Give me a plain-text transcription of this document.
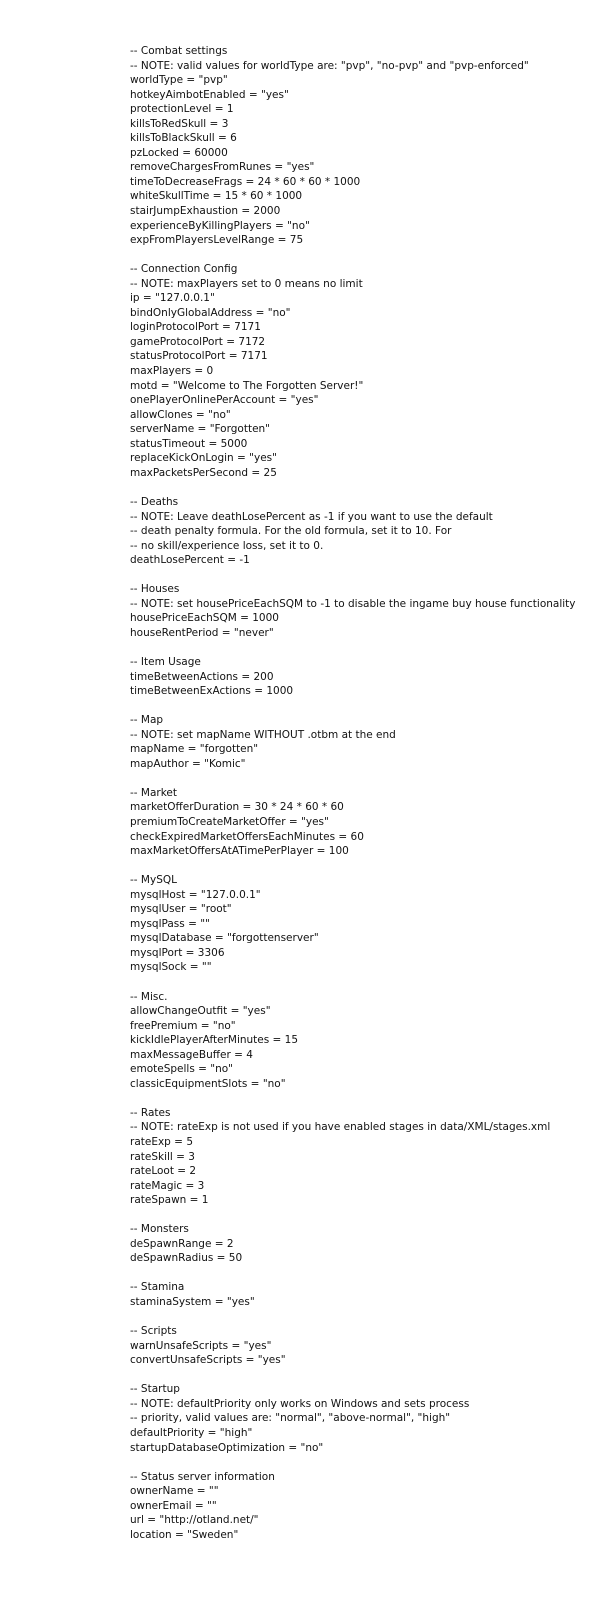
-- Combat settings
-- NOTE: valid values for worldType are: "pvp", "no-pvp" and "pvp-enforced"
worldType = "pvp"
hotkeyAimbotEnabled = "yes"
protectionLevel = 1
killsToRedSkull = 3
killsToBlackSkull = 6
pzLocked = 60000
removeChargesFromRunes = "yes"
timeToDecreaseFrags = 24 * 60 * 60 * 1000
whiteSkullTime = 15 * 60 * 1000
stairJumpExhaustion = 2000
experienceByKillingPlayers = "no"
expFromPlayersLevelRange = 75
-- Connection Config
-- NOTE: maxPlayers set to 0 means no limit
ip = "127.0.0.1"
bindOnlyGlobalAddress = "no"
loginProtocolPort = 7171
gameProtocolPort = 7172
statusProtocolPort = 7171
maxPlayers = 0
motd = "Welcome to The Forgotten Server!"
onePlayerOnlinePerAccount = "yes"
allowClones = "no"
serverName = "Forgotten"
statusTimeout = 5000
replaceKickOnLogin = "yes"
maxPacketsPerSecond = 25
-- Deaths
-- NOTE: Leave deathLosePercent as -1 if you want to use the default
-- death penalty formula. For the old formula, set it to 10. For
-- no skill/experience loss, set it to 0.
deathLosePercent = -1
-- Houses
-- NOTE: set housePriceEachSQM to -1 to disable the ingame buy house functionality
housePriceEachSQM = 1000
houseRentPeriod = "never"
-- Item Usage
timeBetweenActions = 200
timeBetweenExActions = 1000
-- Map
-- NOTE: set mapName WITHOUT .otbm at the end
mapName = "forgotten"
mapAuthor = "Komic"
-- Market
marketOfferDuration = 30 * 24 * 60 * 60
premiumToCreateMarketOffer = "yes"
checkExpiredMarketOffersEachMinutes = 60
maxMarketOffersAtATimePerPlayer = 100
-- MySQL
mysqlHost = "127.0.0.1"
mysqlUser = "root"
mysqlPass = ""
mysqlDatabase = "forgottenserver"
mysqlPort = 3306
mysqlSock = ""
-- Misc.
allowChangeOutfit = "yes"
freePremium = "no"
kickIdlePlayerAfterMinutes = 15
maxMessageBuffer = 4
emoteSpells = "no"
classicEquipmentSlots = "no"
-- Rates
-- NOTE: rateExp is not used if you have enabled stages in data/XML/stages.xml
rateExp = 5
rateSkill = 3
rateLoot = 2
rateMagic = 3
rateSpawn = 1
-- Monsters
deSpawnRange = 2
deSpawnRadius = 50
-- Stamina
staminaSystem = "yes"
-- Scripts
warnUnsafeScripts = "yes"
convertUnsafeScripts = "yes"
-- Startup
-- NOTE: defaultPriority only works on Windows and sets process
-- priority, valid values are: "normal", "above-normal", "high"
defaultPriority = "high"
startupDatabaseOptimization = "no"
-- Status server information
ownerName = ""
ownerEmail = ""
url = "http://otland.net/"
location = "Sweden"
